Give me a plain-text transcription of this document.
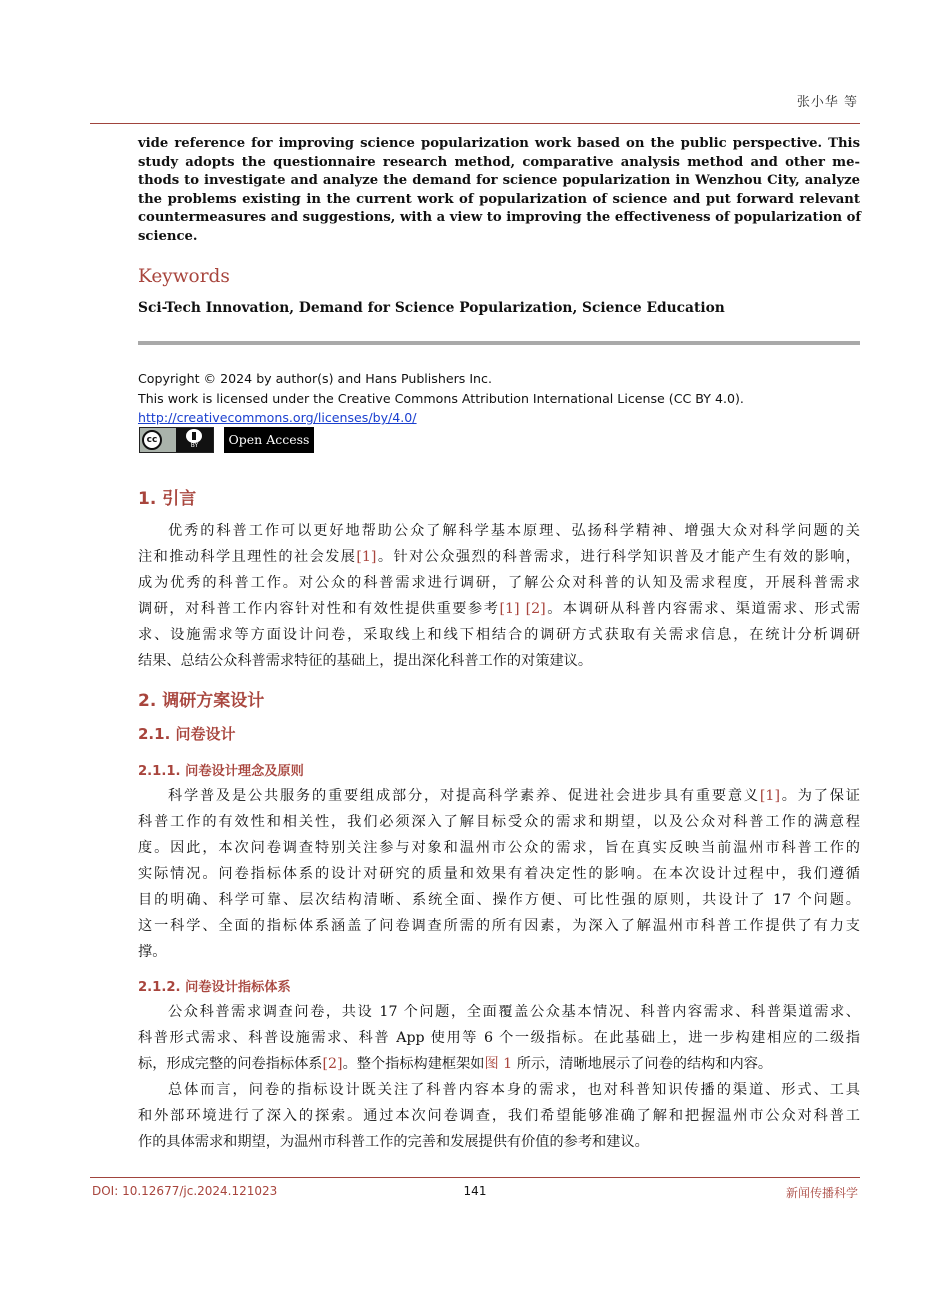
张小华 等
vide reference for improving science popularization work based on the public perspective. This
study adopts the questionnaire research method, comparative analysis method and other me-
thods to investigate and analyze the demand for science popularization in Wenzhou City, analyze
the problems existing in the current work of popularization of science and put forward relevant
countermeasures and suggestions, with a view to improving the effectiveness of popularization of
science.
Keywords
Sci-Tech Innovation, Demand for Science Popularization, Science Education
Copyright © 2024 by author(s) and Hans Publishers Inc.
This work is licensed under the Creative Commons Attribution International License (CC BY 4.0).
http://creativecommons.org/licenses/by/4.0/
cc
BY	Open Access
1. 引言
优秀的科普工作可以更好地帮助公众了解科学基本原理、弘扬科学精神、增强大众对科学问题的关
注和推动科学且理性的社会发展[1]。针对公众强烈的科普需求，进行科学知识普及才能产生有效的影响，
成为优秀的科普工作。对公众的科普需求进行调研，了解公众对科普的认知及需求程度，开展科普需求
调研，对科普工作内容针对性和有效性提供重要参考[1] [2]。本调研从科普内容需求、渠道需求、形式需
求、设施需求等方面设计问卷，采取线上和线下相结合的调研方式获取有关需求信息，在统计分析调研
结果、总结公众科普需求特征的基础上，提出深化科普工作的对策建议。
2. 调研方案设计
2.1. 问卷设计
2.1.1. 问卷设计理念及原则
科学普及是公共服务的重要组成部分，对提高科学素养、促进社会进步具有重要意义[1]。为了保证
科普工作的有效性和相关性，我们必须深入了解目标受众的需求和期望，以及公众对科普工作的满意程
度。因此，本次问卷调查特别关注参与对象和温州市公众的需求，旨在真实反映当前温州市科普工作的
实际情况。问卷指标体系的设计对研究的质量和效果有着决定性的影响。在本次设计过程中，我们遵循
目的明确、科学可靠、层次结构清晰、系统全面、操作方便、可比性强的原则，共设计了 17 个问题。
这一科学、全面的指标体系涵盖了问卷调查所需的所有因素，为深入了解温州市科普工作提供了有力支
撑。
2.1.2. 问卷设计指标体系
公众科普需求调查问卷，共设 17 个问题，全面覆盖公众基本情况、科普内容需求、科普渠道需求、
科普形式需求、科普设施需求、科普 App 使用等 6 个一级指标。在此基础上，进一步构建相应的二级指
标，形成完整的问卷指标体系[2]。整个指标构建框架如图 1 所示，清晰地展示了问卷的结构和内容。
总体而言，问卷的指标设计既关注了科普内容本身的需求，也对科普知识传播的渠道、形式、工具
和外部环境进行了深入的探索。通过本次问卷调查，我们希望能够准确了解和把握温州市公众对科普工
作的具体需求和期望，为温州市科普工作的完善和发展提供有价值的参考和建议。
DOI: 10.12677/jc.2024.121023	141	新闻传播科学
